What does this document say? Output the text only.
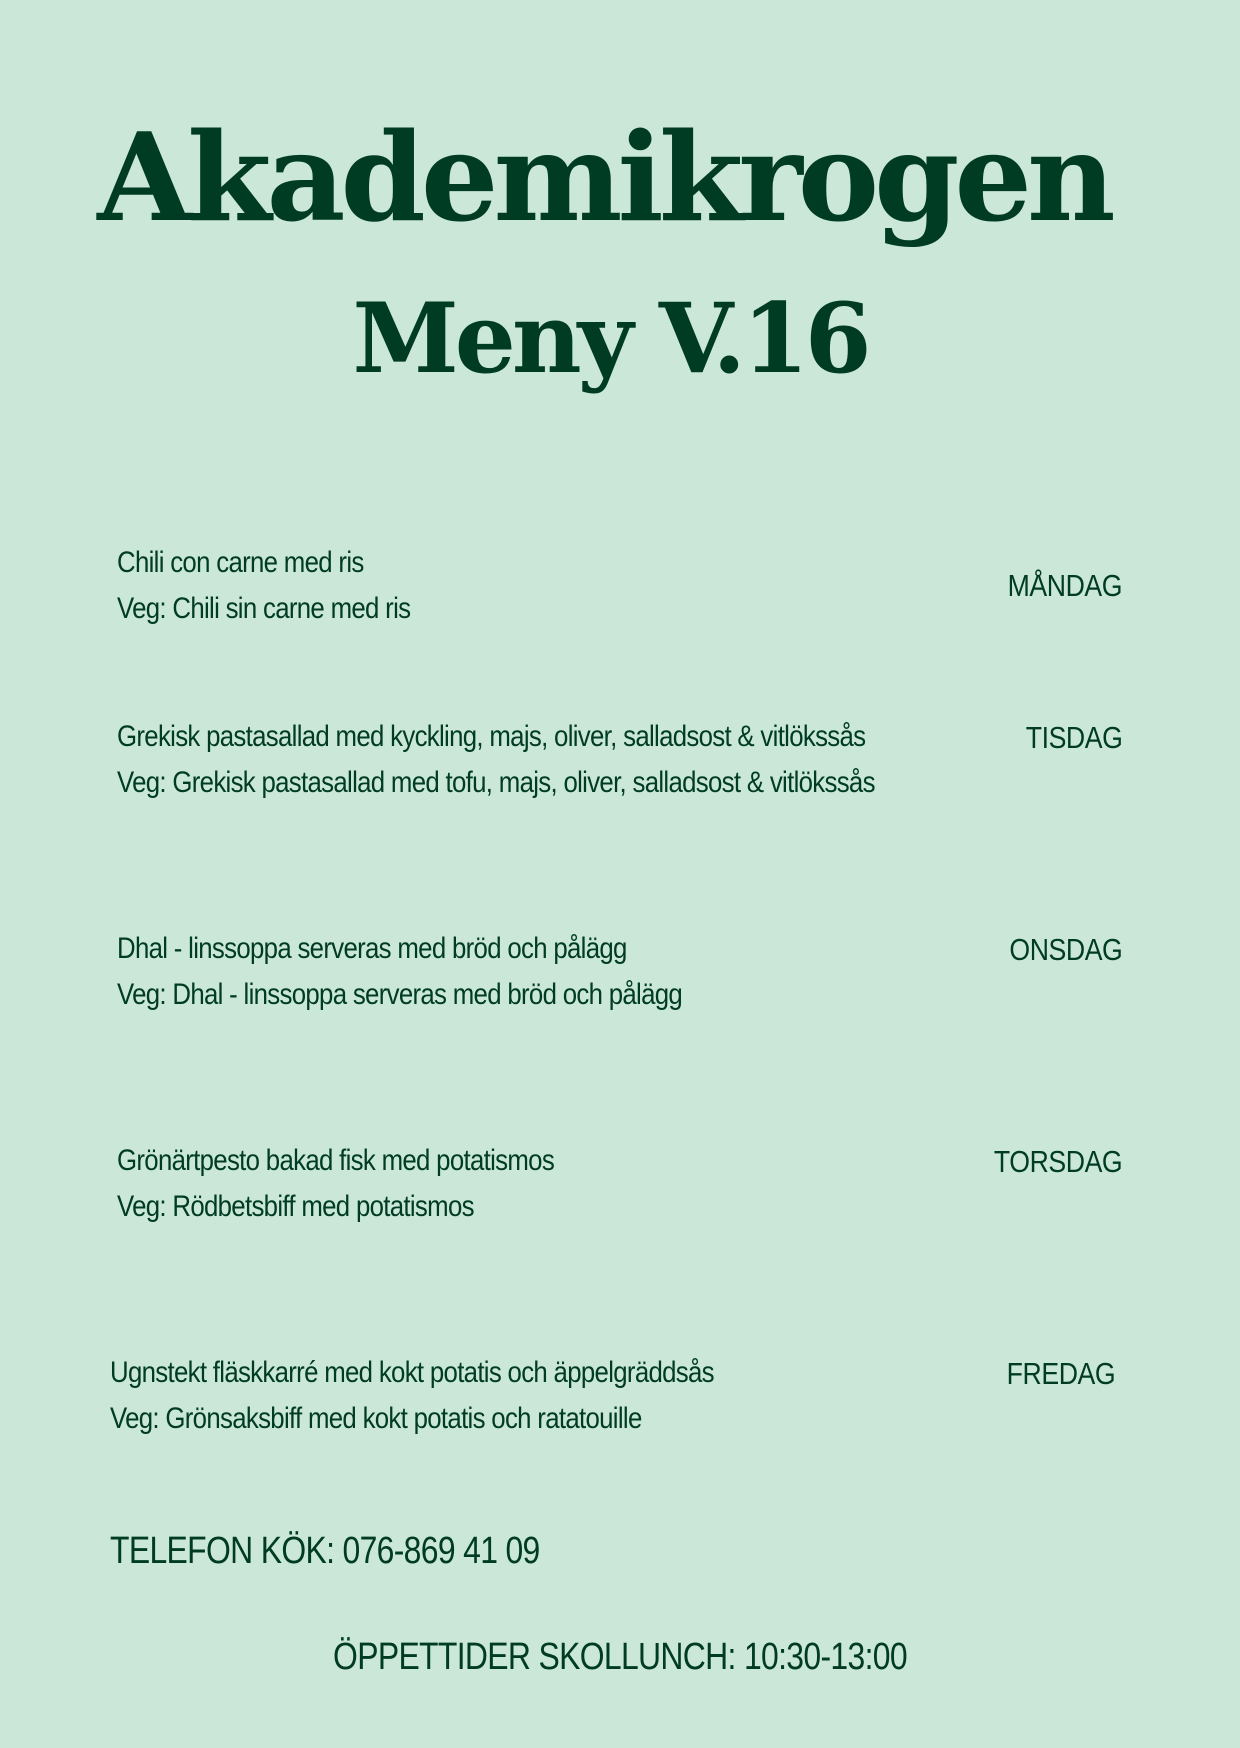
Akademikrogen
Meny V.16
Chili con carne med ris
Veg: Chili sin carne med ris
MÅNDAG
Grekisk pastasallad med kyckling, majs, oliver, salladsost & vitlökssås
Veg: Grekisk pastasallad med tofu, majs, oliver, salladsost & vitlökssås
TISDAG
Dhal - linssoppa serveras med bröd och pålägg
Veg: Dhal - linssoppa serveras med bröd och pålägg
ONSDAG
Grönärtpesto bakad fisk med potatismos
Veg: Rödbetsbiff med potatismos
TORSDAG
Ugnstekt fläskkarré med kokt potatis och äppelgräddsås
Veg: Grönsaksbiff med kokt potatis och ratatouille
FREDAG
TELEFON KÖK: 076-869 41 09
ÖPPETTIDER SKOLLUNCH: 10:30-13:00
